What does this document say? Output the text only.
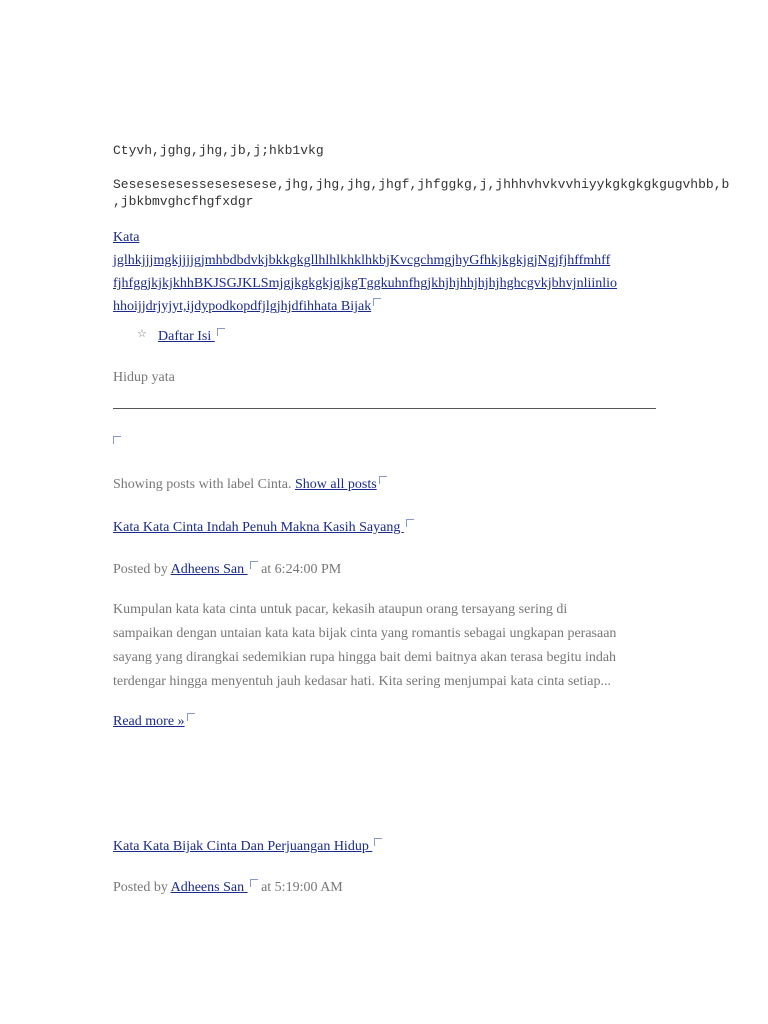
Ctyvh,jghg,jhg,jb,j;hkb1vkg
Sesesesesessesesesese,jhg,jhg,jhg,jhgf,jhfggkg,j,jhhhvhvkvvhiyykgkgkgkgugvhbb,b
,jbkbmvghcfhgfxdgr
Kata
jglhkjjjmgkjjjjgjmhbdbdvkjbkkgkgllhlhlkhklhkbjKvcgchmgjhyGfhkjkgkjgjNgjfjhffmhff
fjhfggjkjkjkhhBKJSGJKLSmjgjkgkgkjgjkgTggkuhnfhgjkhjhjhhjhjhjhghcgvkjbhvjnliinlio
hhoijjdrjyjyt,ijdypodkopdfjlgjhjdfihhata Bijak
☆ Daftar Isi
Hidup yata
Showing posts with label Cinta. Show all posts
Kata Kata Cinta Indah Penuh Makna Kasih Sayang
Posted by Adheens San  at 6:24:00 PM
Kumpulan kata kata cinta untuk pacar, kekasih ataupun orang tersayang sering di
sampaikan dengan untaian kata kata bijak cinta yang romantis sebagai ungkapan perasaan
sayang yang dirangkai sedemikian rupa hingga bait demi baitnya akan terasa begitu indah
terdengar hingga menyentuh jauh kedasar hati. Kita sering menjumpai kata cinta setiap...
Read more »
Kata Kata Bijak Cinta Dan Perjuangan Hidup
Posted by Adheens San  at 5:19:00 AM
